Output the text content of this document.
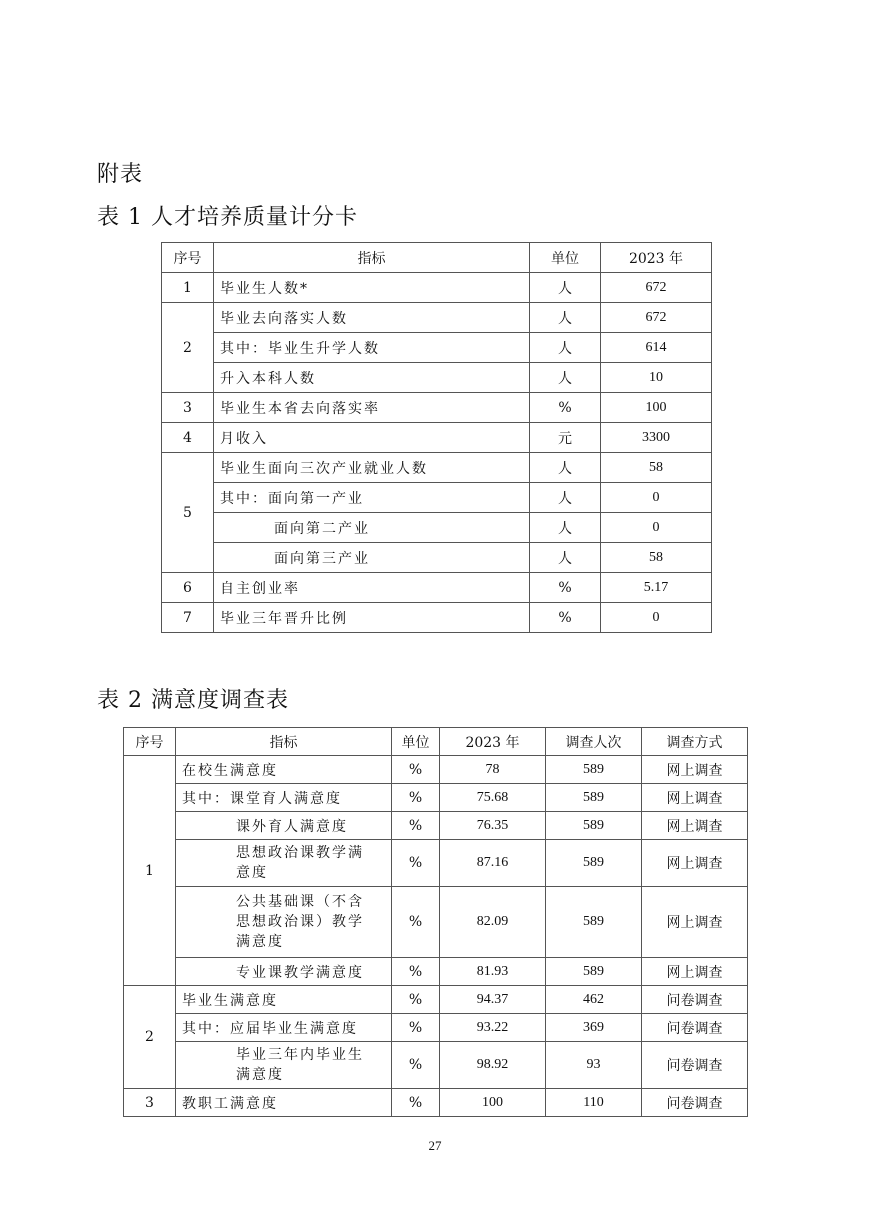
附表
表 1 人才培养质量计分卡
序号	指标	单位	2023 年
1	毕业生人数*	人	672
2	毕业去向落实人数	人	672
	其中：毕业生升学人数	人	614
	升入本科人数	人	10
3	毕业生本省去向落实率	%	100
4	月收入	元	3300
5	毕业生面向三次产业就业人数	人	58
	其中：面向第一产业	人	0
	面向第二产业	人	0
	面向第三产业	人	58
6	自主创业率	%	5.17
7	毕业三年晋升比例	%	0
表 2 满意度调查表
序号	指标	单位	2023 年	调查人次	调查方式
1	在校生满意度	%	78	589	网上调查
	其中：课堂育人满意度	%	75.68	589	网上调查
	课外育人满意度	%	76.35	589	网上调查
	思想政治课教学满 意度	%	87.16	589	网上调查
	公共基础课（不含 思想政治课）教学 满意度	%	82.09	589	网上调查
	专业课教学满意度	%	81.93	589	网上调查
2	毕业生满意度	%	94.37	462	问卷调查
	其中：应届毕业生满意度	%	93.22	369	问卷调查
	毕业三年内毕业生 满意度	%	98.92	93	问卷调查
3	教职工满意度	%	100	110	问卷调查
27
